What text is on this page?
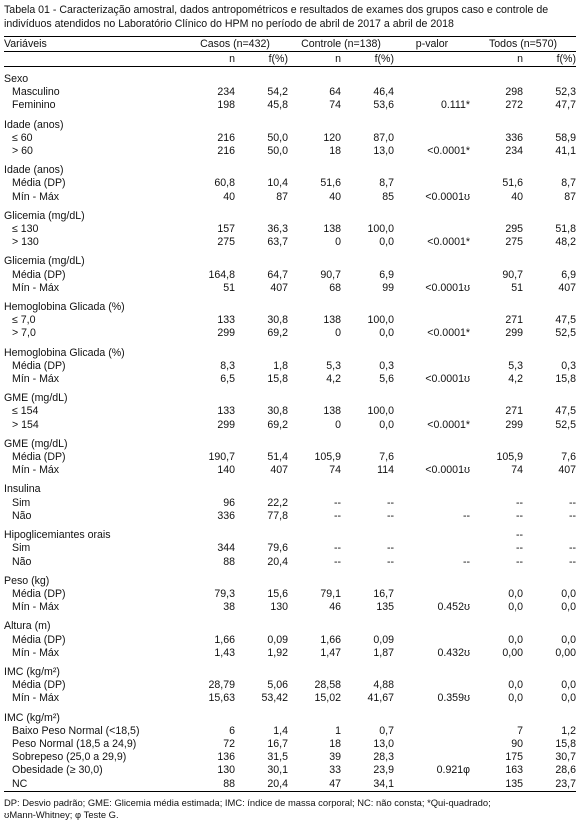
Tabela 01 - Caracterização amostral, dados antropométricos e resultados de exames dos grupos caso e controle de indivíduos atendidos no Laboratório Clínico do HPM no período de abril de 2017 a abril de 2018
Variáveis	Casos (n=432)		Controle (n=138)		p-valor	Todos (n=570)	
	n	f(%)	n	f(%)		n	f(%)

Sexo							
Masculino	234	54,2	64	46,4		298	52,3
Feminino	198	45,8	74	53,6	0.111*	272	47,7

Idade (anos)							
≤ 60	216	50,0	120	87,0		336	58,9
> 60	216	50,0	18	13,0	<0.0001*	234	41,1

Idade (anos)							
Média (DP)	60,8	10,4	51,6	8,7		51,6	8,7
Mín - Máx	40	87	40	85	<0.0001ʊ	40	87

Glicemia (mg/dL)							
≤ 130	157	36,3	138	100,0		295	51,8
> 130	275	63,7	0	0,0	<0.0001*	275	48,2

Glicemia (mg/dL)							
Média (DP)	164,8	64,7	90,7	6,9		90,7	6,9
Mín - Máx	51	407	68	99	<0.0001ʊ	51	407

Hemoglobina Glicada (%)							
≤ 7,0	133	30,8	138	100,0		271	47,5
> 7,0	299	69,2	0	0,0	<0.0001*	299	52,5

Hemoglobina Glicada (%)							
Média (DP)	8,3	1,8	5,3	0,3		5,3	0,3
Mín - Máx	6,5	15,8	4,2	5,6	<0.0001ʊ	4,2	15,8

GME (mg/dL)							
≤ 154	133	30,8	138	100,0		271	47,5
> 154	299	69,2	0	0,0	<0.0001*	299	52,5

GME (mg/dL)							
Média (DP)	190,7	51,4	105,9	7,6		105,9	7,6
Mín - Máx	140	407	74	114	<0.0001ʊ	74	407

Insulina							
Sim	96	22,2	--	--		--	--
Não	336	77,8	--	--	--	--	--

Hipoglicemiantes orais						--	
Sim	344	79,6	--	--		--	--
Não	88	20,4	--	--	--	--	--

Peso (kg)							
Média (DP)	79,3	15,6	79,1	16,7		0,0	0,0
Mín - Máx	38	130	46	135	0.452ʊ	0,0	0,0

Altura (m)							
Média (DP)	1,66	0,09	1,66	0,09		0,0	0,0
Mín - Máx	1,43	1,92	1,47	1,87	0.432ʊ	0,00	0,00

IMC (kg/m²)							
Média (DP)	28,79	5,06	28,58	4,88		0,0	0,0
Mín - Máx	15,63	53,42	15,02	41,67	0.359ʊ	0,0	0,0

IMC (kg/m²)							
Baixo Peso Normal (<18,5)	6	1,4	1	0,7		7	1,2
Peso Normal (18,5 a 24,9)	72	16,7	18	13,0		90	15,8
Sobrepeso (25,0 a 29,9)	136	31,5	39	28,3		175	30,7
Obesidade (≥ 30,0)	130	30,1	33	23,9	0.921φ	163	28,6
NC	88	20,4	47	34,1		135	23,7
DP: Desvio padrão; GME: Glicemia média estimada; IMC: índice de massa corporal; NC: não consta; *Qui-quadrado;
ʊMann-Whitney; φ Teste G.
